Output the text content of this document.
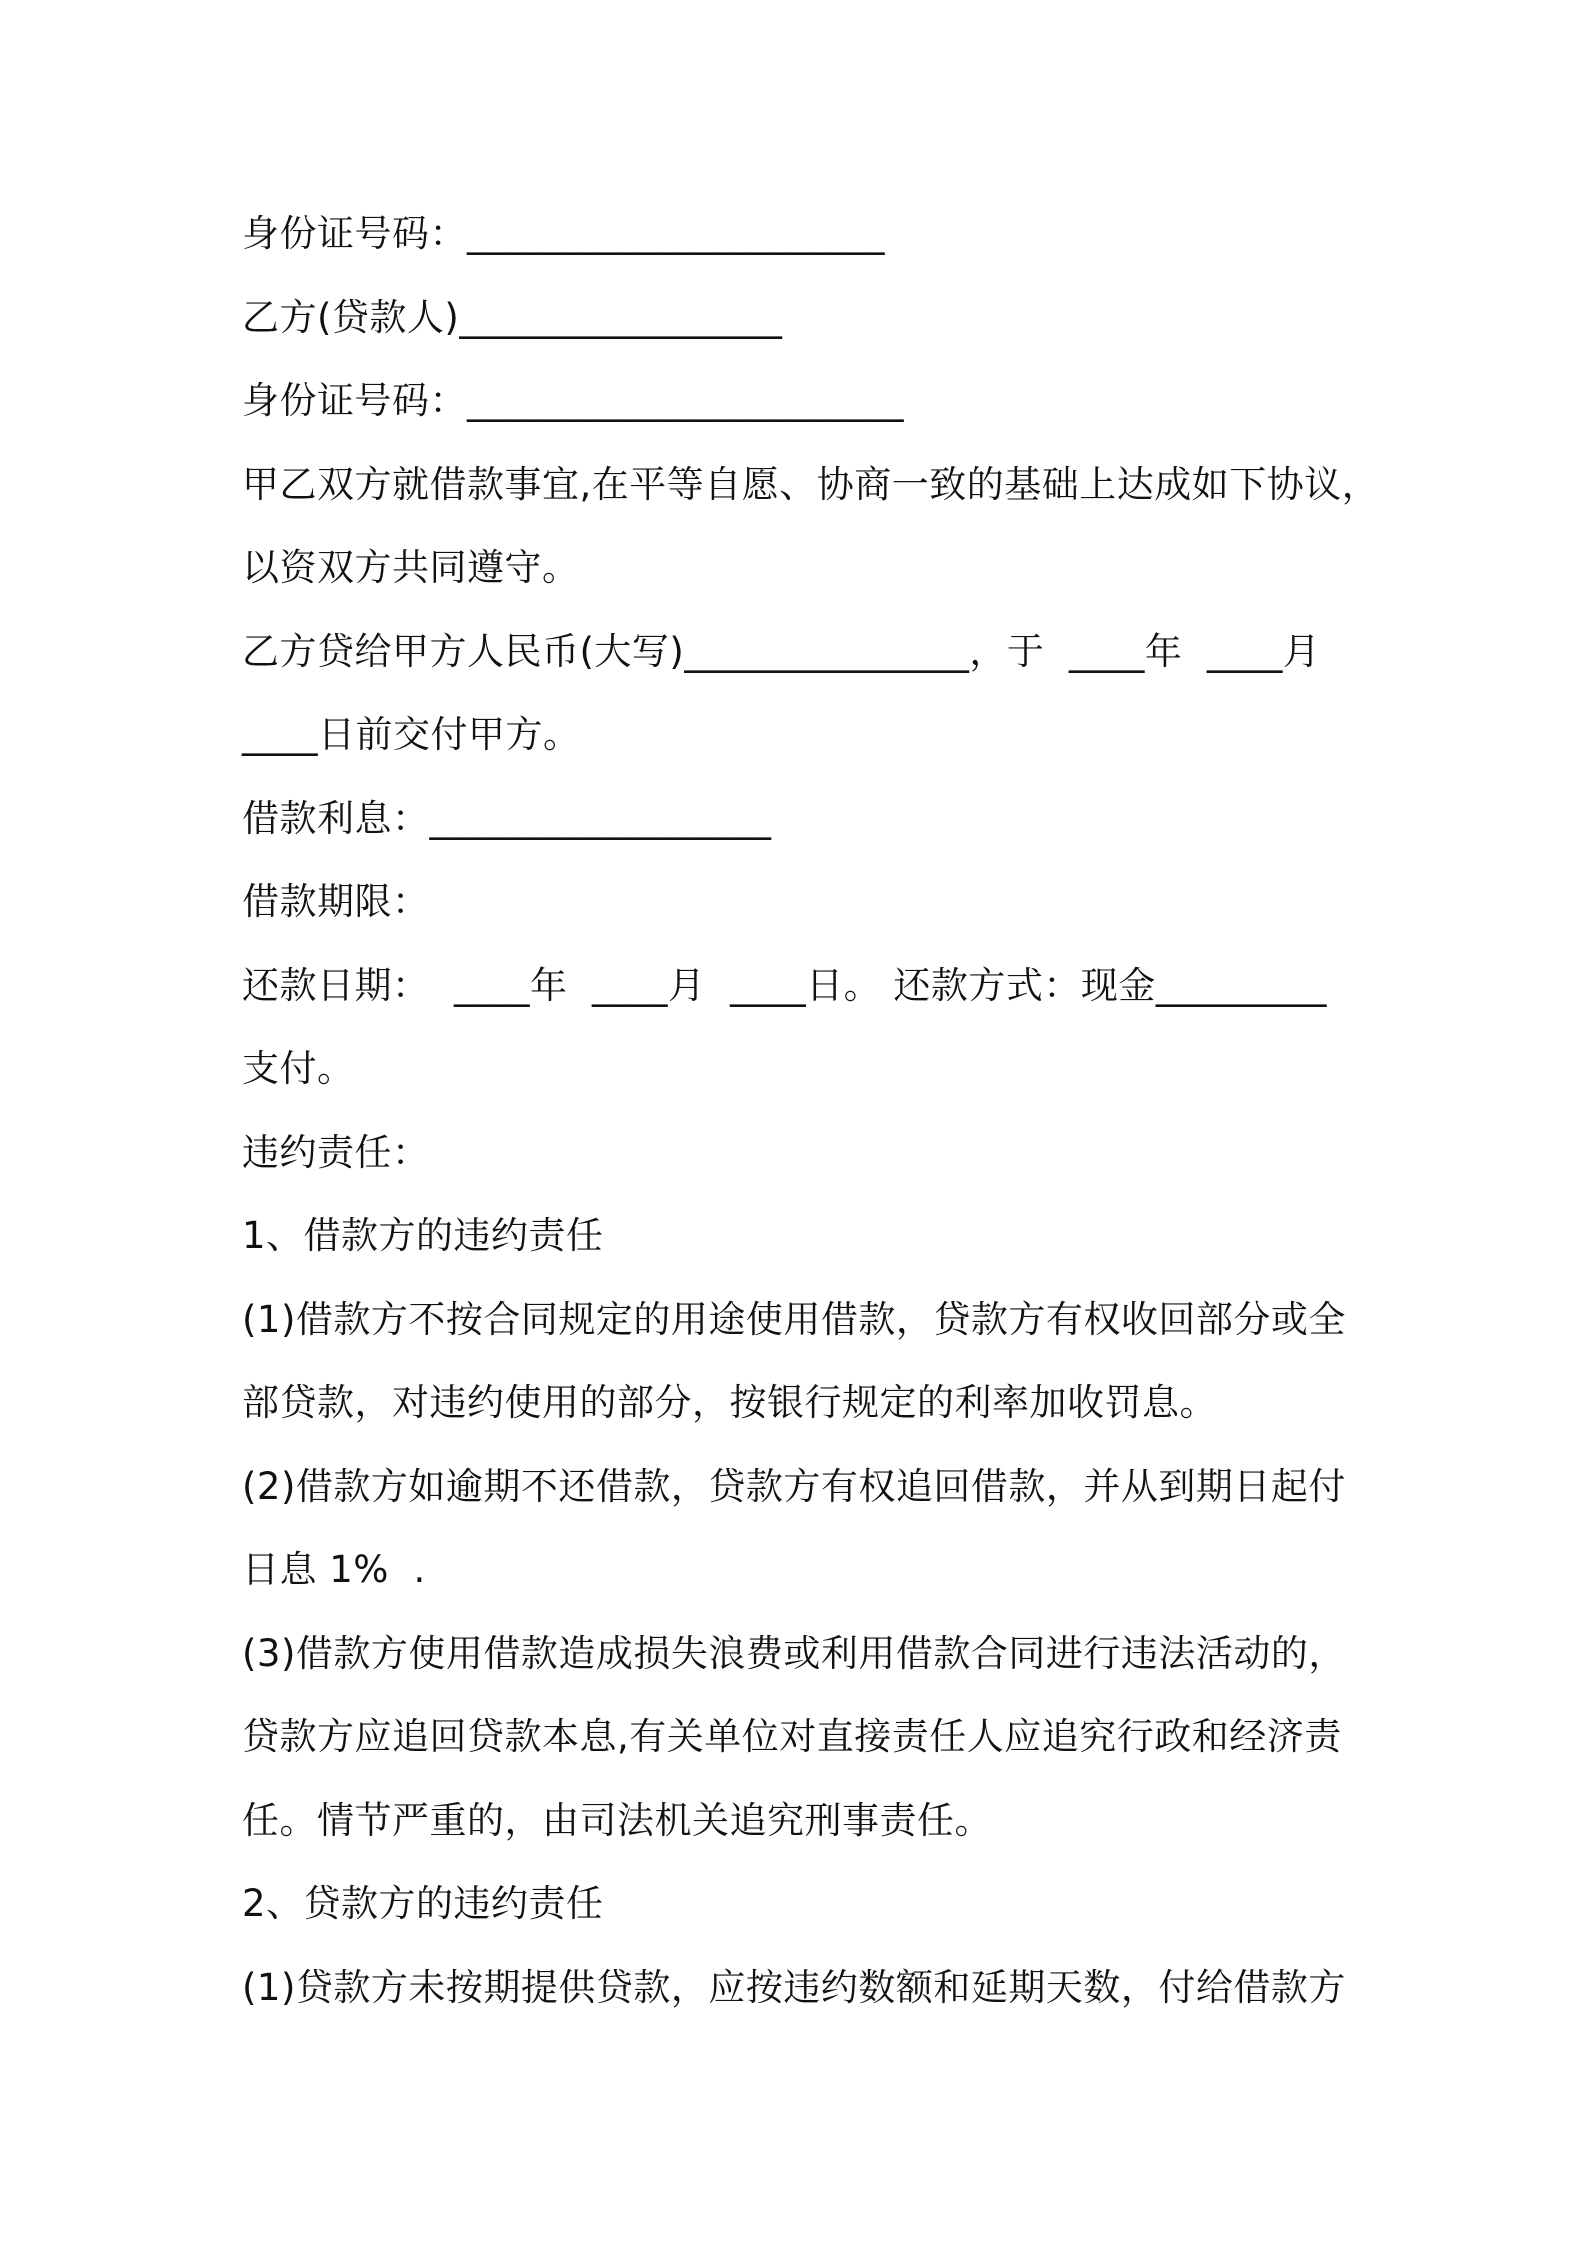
身份证号码：______________________
乙方(贷款人)_________________
身份证号码：_______________________
甲乙双方就借款事宜,在平等自愿、协商一致的基础上达成如下协议，
以资双方共同遵守。
乙方贷给甲方人民币(大写)_______________，于  ____年  ____月
____日前交付甲方。
借款利息：__________________
借款期限：
还款日期：  ____年  ____月  ____日。 还款方式：现金_________
支付。
违约责任：
1、借款方的违约责任
(1)借款方不按合同规定的用途使用借款，贷款方有权收回部分或全
部贷款，对违约使用的部分，按银行规定的利率加收罚息。
(2)借款方如逾期不还借款，贷款方有权追回借款，并从到期日起付
日息 1%  .
(3)借款方使用借款造成损失浪费或利用借款合同进行违法活动的，
贷款方应追回贷款本息,有关单位对直接责任人应追究行政和经济责
任。情节严重的，由司法机关追究刑事责任。
2、贷款方的违约责任
(1)贷款方未按期提供贷款，应按违约数额和延期天数，付给借款方
